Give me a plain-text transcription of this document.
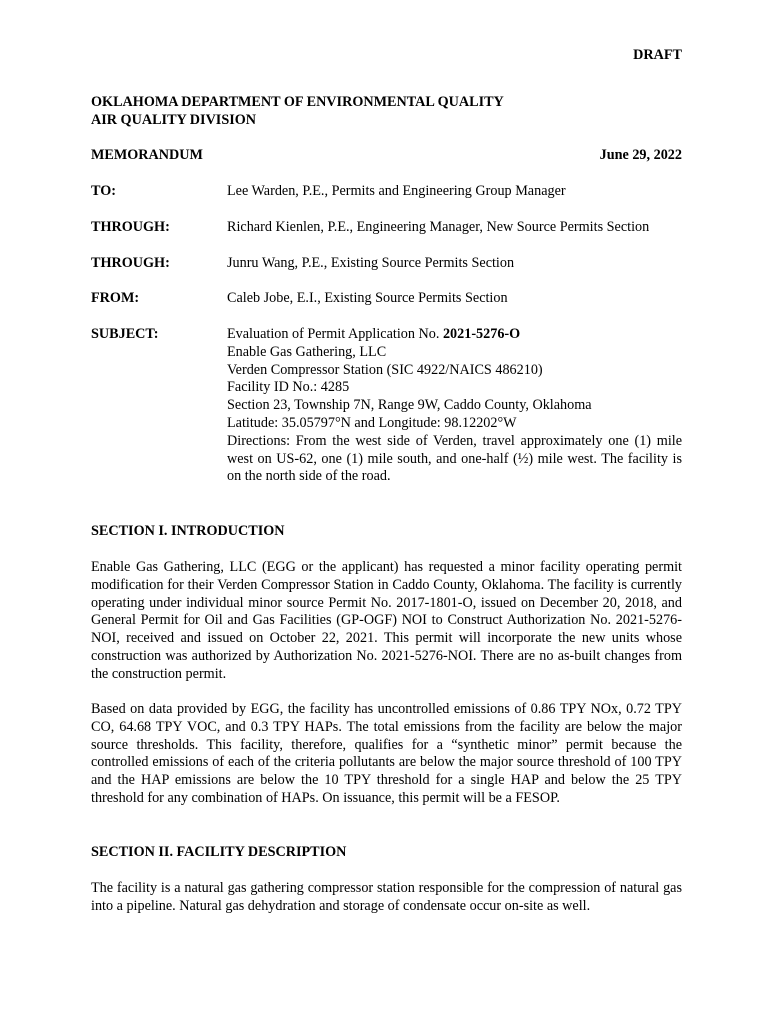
DRAFT
OKLAHOMA DEPARTMENT OF ENVIRONMENTAL QUALITY
AIR QUALITY DIVISION
MEMORANDUM	June 29, 2022
TO:	Lee Warden, P.E., Permits and Engineering Group Manager
THROUGH:	Richard Kienlen, P.E., Engineering Manager, New Source Permits Section
THROUGH:	Junru Wang, P.E., Existing Source Permits Section
FROM:	Caleb Jobe, E.I., Existing Source Permits Section
SUBJECT:	Evaluation of Permit Application No. 2021-5276-O
Enable Gas Gathering, LLC
Verden Compressor Station (SIC 4922/NAICS 486210)
Facility ID No.: 4285
Section 23, Township 7N, Range 9W, Caddo County, Oklahoma
Latitude: 35.05797°N and Longitude: 98.12202°W
Directions: From the west side of Verden, travel approximately one (1) mile west on US-62, one (1) mile south, and one-half (½) mile west. The facility is on the north side of the road.
SECTION I. INTRODUCTION
Enable Gas Gathering, LLC (EGG or the applicant) has requested a minor facility operating permit modification for their Verden Compressor Station in Caddo County, Oklahoma. The facility is currently operating under individual minor source Permit No. 2017-1801-O, issued on December 20, 2018, and General Permit for Oil and Gas Facilities (GP-OGF) NOI to Construct Authorization No. 2021-5276-NOI, received and issued on October 22, 2021. This permit will incorporate the new units whose construction was authorized by Authorization No. 2021-5276-NOI. There are no as-built changes from the construction permit.
Based on data provided by EGG, the facility has uncontrolled emissions of 0.86 TPY NOx, 0.72 TPY CO, 64.68 TPY VOC, and 0.3 TPY HAPs. The total emissions from the facility are below the major source thresholds. This facility, therefore, qualifies for a “synthetic minor” permit because the controlled emissions of each of the criteria pollutants are below the major source threshold of 100 TPY and the HAP emissions are below the 10 TPY threshold for a single HAP and below the 25 TPY threshold for any combination of HAPs. On issuance, this permit will be a FESOP.
SECTION II. FACILITY DESCRIPTION
The facility is a natural gas gathering compressor station responsible for the compression of natural gas into a pipeline. Natural gas dehydration and storage of condensate occur on-site as well.
